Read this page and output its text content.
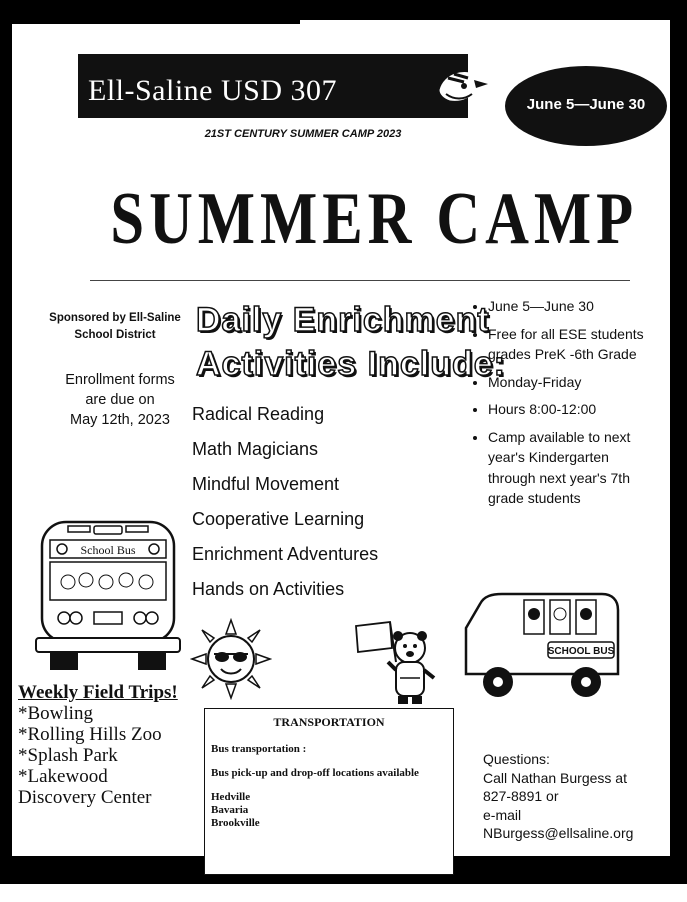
Ell-Saline USD 307	June 5—June 30
21ST CENTURY SUMMER CAMP 2023
SUMMER CAMP
Sponsored by Ell-Saline
School District
Enrollment forms
are due on
May 12th, 2023
Daily Enrichment
Activities Include:
Radical Reading
Math Magicians
Mindful Movement
Cooperative Learning
Enrichment Adventures
Hands on Activities
• June 5—June 30
• Free for all ESE students grades PreK -6th Grade
• Monday-Friday
• Hours 8:00-12:00
• Camp available to next year's Kindergarten through next year's 7th grade students
School Bus
SCHOOL BUS
Weekly Field Trips!
*Bowling
*Rolling Hills Zoo
*Splash Park
*Lakewood
Discovery Center
TRANSPORTATION
Bus transportation :
Bus pick-up and drop-off locations available
Hedville
Bavaria
Brookville
Questions:
Call Nathan Burgess at
827-8891 or
e-mail
NBurgess@ellsaline.org
